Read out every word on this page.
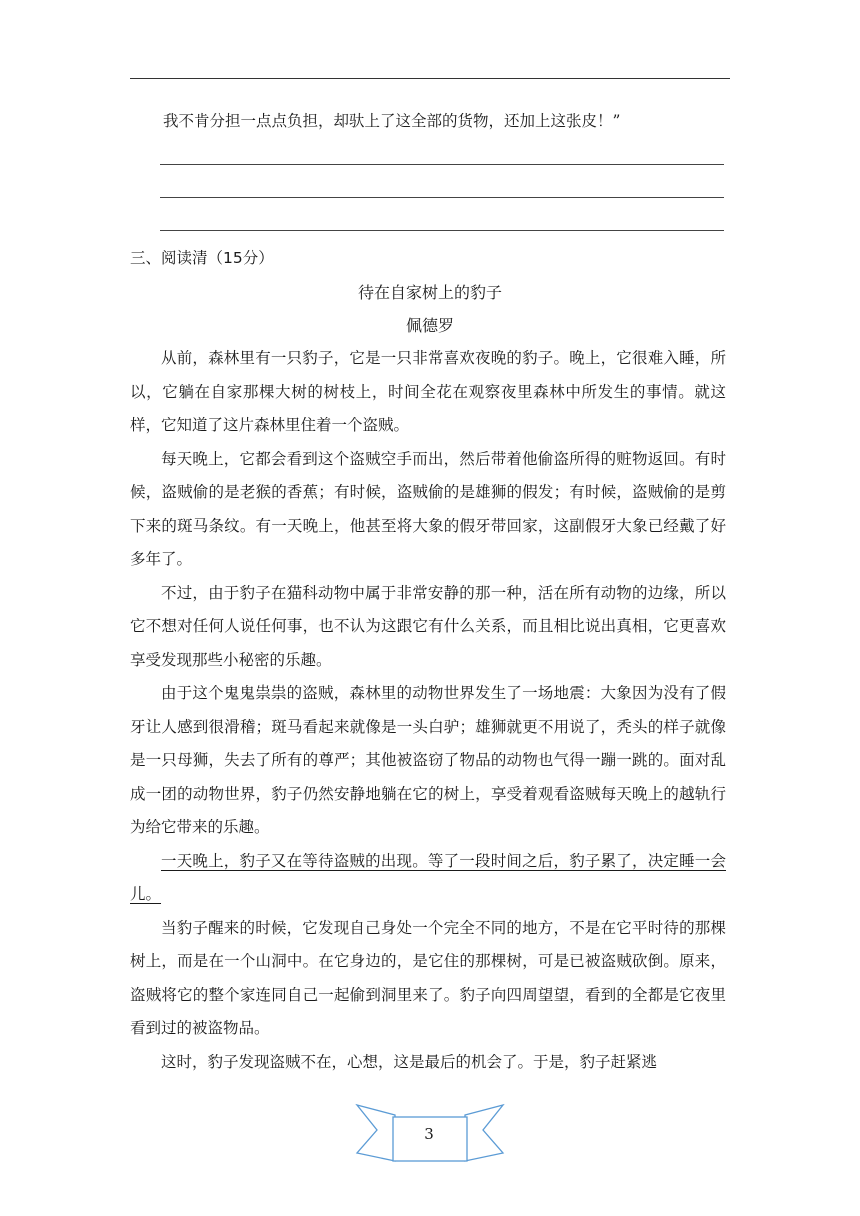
我不肯分担一点点负担，却驮上了这全部的货物，还加上这张皮！”
三、阅读清（15分）
待在自家树上的豹子
佩德罗

从前，森林里有一只豹子，它是一只非常喜欢夜晚的豹子。晚上，它很难入睡，所以，它躺在自家那棵大树的树枝上，时间全花在观察夜里森林中所发生的事情。就这样，它知道了这片森林里住着一个盗贼。

每天晚上，它都会看到这个盗贼空手而出，然后带着他偷盗所得的赃物返回。有时候，盗贼偷的是老猴的香蕉；有时候，盗贼偷的是雄狮的假发；有时候，盗贼偷的是剪下来的斑马条纹。有一天晚上，他甚至将大象的假牙带回家，这副假牙大象已经戴了好多年了。

不过，由于豹子在猫科动物中属于非常安静的那一种，活在所有动物的边缘，所以它不想对任何人说任何事，也不认为这跟它有什么关系，而且相比说出真相，它更喜欢享受发现那些小秘密的乐趣。

由于这个鬼鬼祟祟的盗贼，森林里的动物世界发生了一场地震：大象因为没有了假牙让人感到很滑稽；斑马看起来就像是一头白驴；雄狮就更不用说了，秃头的样子就像是一只母狮，失去了所有的尊严；其他被盗窃了物品的动物也气得一蹦一跳的。面对乱成一团的动物世界，豹子仍然安静地躺在它的树上，享受着观看盗贼每天晚上的越轨行为给它带来的乐趣。

一天晚上，豹子又在等待盗贼的出现。等了一段时间之后，豹子累了，决定睡一会儿。

当豹子醒来的时候，它发现自己身处一个完全不同的地方，不是在它平时待的那棵树上，而是在一个山洞中。在它身边的，是它住的那棵树，可是已被盗贼砍倒。原来，盗贼将它的整个家连同自己一起偷到洞里来了。豹子向四周望望，看到的全都是它夜里看到过的被盗物品。

这时，豹子发现盗贼不在，心想，这是最后的机会了。于是，豹子赶紧逃

3
